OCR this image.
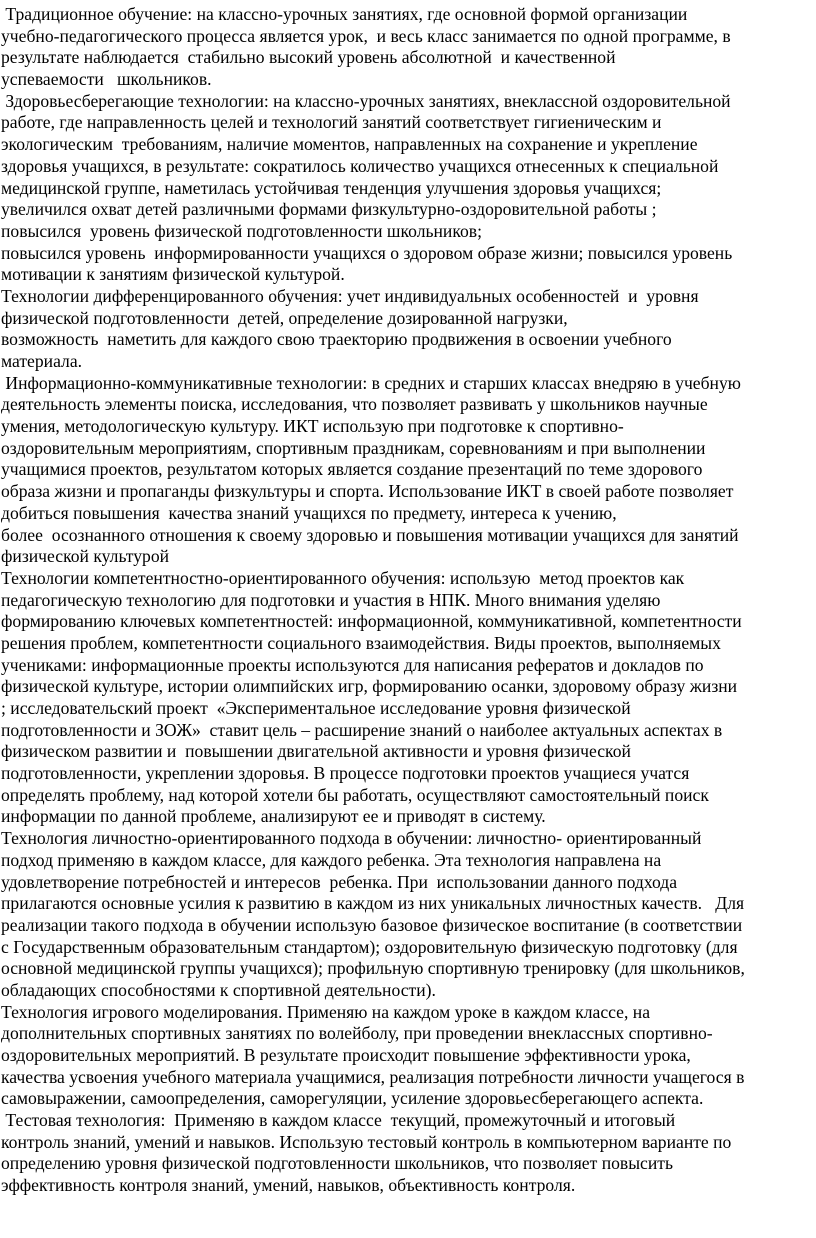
Традиционное обучение: на классно-урочных занятиях, где основной формой организации
учебно-педагогического процесса является урок,  и весь класс занимается по одной программе, в
результате наблюдается  стабильно высокий уровень абсолютной  и качественной
успеваемости   школьников.
Здоровьесберегающие технологии: на классно-урочных занятиях, внеклассной оздоровительной
работе, где направленность целей и технологий занятий соответствует гигиеническим и
экологическим  требованиям, наличие моментов, направленных на сохранение и укрепление
здоровья учащихся, в результате: сократилось количество учащихся отнесенных к специальной
медицинской группе, наметилась устойчивая тенденция улучшения здоровья учащихся;
увеличился охват детей различными формами физкультурно-оздоровительной работы ;
повысился  уровень физической подготовленности школьников;
повысился уровень  информированности учащихся о здоровом образе жизни; повысился уровень
мотивации к занятиям физической культурой.
Технологии дифференцированного обучения: учет индивидуальных особенностей  и  уровня
физической подготовленности  детей, определение дозированной нагрузки,
возможность  наметить для каждого свою траекторию продвижения в освоении учебного
материала.
Информационно-коммуникативные технологии: в средних и старших классах внедряю в учебную
деятельность элементы поиска, исследования, что позволяет развивать у школьников научные
умения, методологическую культуру. ИКТ использую при подготовке к спортивно-
оздоровительным мероприятиям, спортивным праздникам, соревнованиям и при выполнении
учащимися проектов, результатом которых является создание презентаций по теме здорового
образа жизни и пропаганды физкультуры и спорта. Использование ИКТ в своей работе позволяет
добиться повышения  качества знаний учащихся по предмету, интереса к учению,
более  осознанного отношения к своему здоровью и повышения мотивации учащихся для занятий
физической культурой
Технологии компетентностно-ориентированного обучения: использую  метод проектов как
педагогическую технологию для подготовки и участия в НПК. Много внимания уделяю
формированию ключевых компетентностей: информационной, коммуникативной, компетентности
решения проблем, компетентности социального взаимодействия. Виды проектов, выполняемых
учениками: информационные проекты используются для написания рефератов и докладов по
физической культуре, истории олимпийских игр, формированию осанки, здоровому образу жизни
; исследовательский проект  «Экспериментальное исследование уровня физической
подготовленности и ЗОЖ»  ставит цель – расширение знаний о наиболее актуальных аспектах в
физическом развитии и  повышении двигательной активности и уровня физической
подготовленности, укреплении здоровья. В процессе подготовки проектов учащиеся учатся
определять проблему, над которой хотели бы работать, осуществляют самостоятельный поиск
информации по данной проблеме, анализируют ее и приводят в систему.
Технология личностно-ориентированного подхода в обучении: личностно- ориентированный
подход применяю в каждом классе, для каждого ребенка. Эта технология направлена на
удовлетворение потребностей и интересов  ребенка. При  использовании данного подхода
прилагаются основные усилия к развитию в каждом из них уникальных личностных качеств.   Для
реализации такого подхода в обучении использую базовое физическое воспитание (в соответствии
с Государственным образовательным стандартом); оздоровительную физическую подготовку (для
основной медицинской группы учащихся); профильную спортивную тренировку (для школьников,
обладающих способностями к спортивной деятельности).
Технология игрового моделирования. Применяю на каждом уроке в каждом классе, на
дополнительных спортивных занятиях по волейболу, при проведении внеклассных спортивно-
оздоровительных мероприятий. В результате происходит повышение эффективности урока,
качества усвоения учебного материала учащимися, реализация потребности личности учащегося в
самовыражении, самоопределения, саморегуляции, усиление здоровьесберегающего аспекта.
Тестовая технология:  Применяю в каждом классе  текущий, промежуточный и итоговый
контроль знаний, умений и навыков. Использую тестовый контроль в компьютерном варианте по
определению уровня физической подготовленности школьников, что позволяет повысить
эффективность контроля знаний, умений, навыков, объективность контроля.
